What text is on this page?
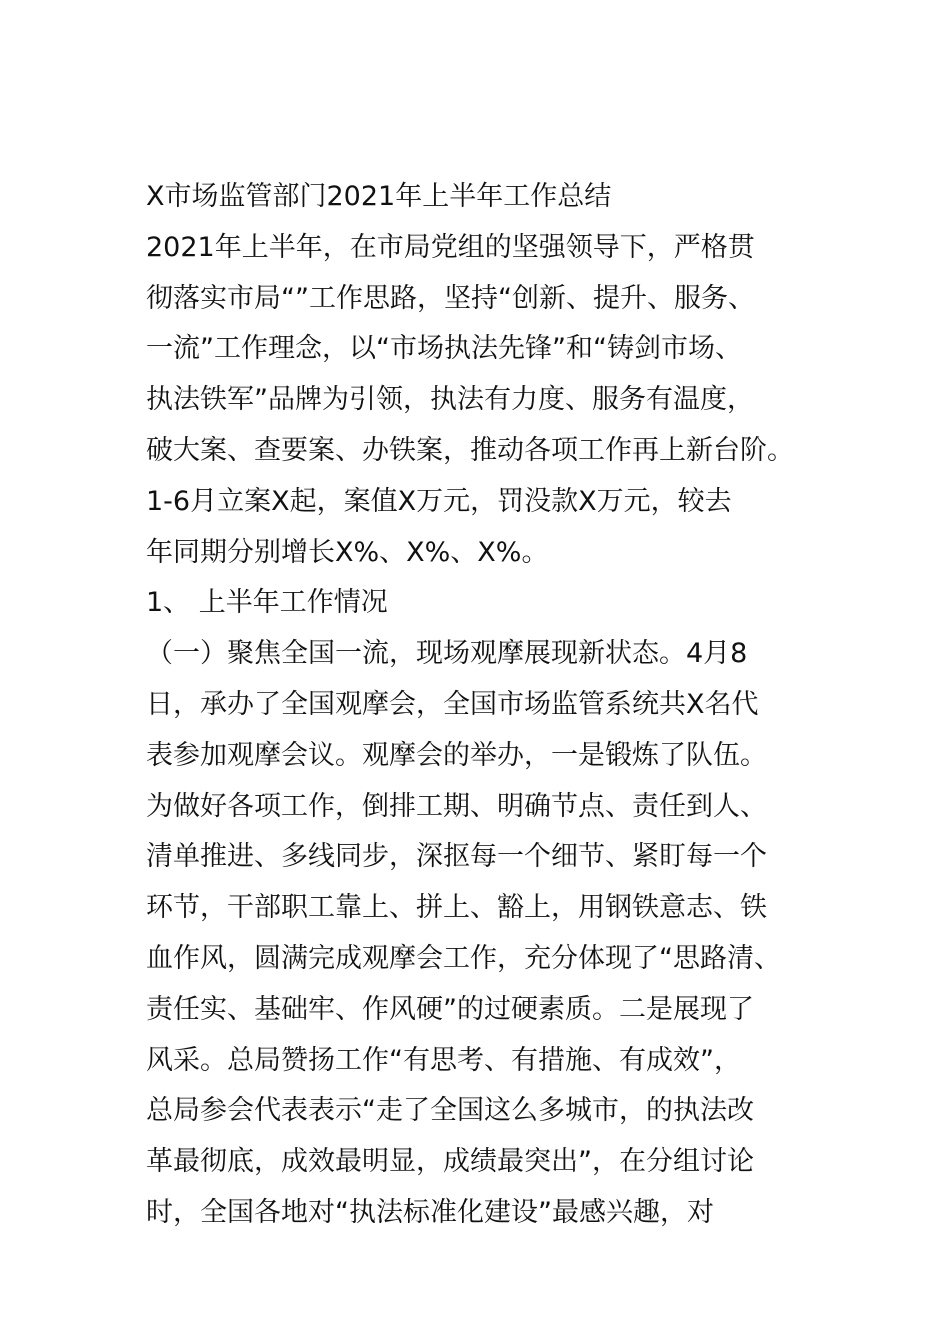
X市场监管部门2021年上半年工作总结
2021年上半年，在市局党组的坚强领导下，严格贯
彻落实市局“”工作思路，坚持“创新、提升、服务、
一流”工作理念，以“市场执法先锋”和“铸剑市场、
执法铁军”品牌为引领，执法有力度、服务有温度，
破大案、查要案、办铁案，推动各项工作再上新台阶。
1-6月立案X起，案值X万元，罚没款X万元，较去
年同期分别增长X%、X%、X%。
1、 上半年工作情况
（一）聚焦全国一流，现场观摩展现新状态。4月8
日，承办了全国观摩会，全国市场监管系统共X名代
表参加观摩会议。观摩会的举办，一是锻炼了队伍。
为做好各项工作，倒排工期、明确节点、责任到人、
清单推进、多线同步，深抠每一个细节、紧盯每一个
环节，干部职工靠上、拼上、豁上，用钢铁意志、铁
血作风，圆满完成观摩会工作，充分体现了“思路清、
责任实、基础牢、作风硬”的过硬素质。二是展现了
风采。总局赞扬工作“有思考、有措施、有成效”，
总局参会代表表示“走了全国这么多城市，的执法改
革最彻底，成效最明显，成绩最突出”，在分组讨论
时，全国各地对“执法标准化建设”最感兴趣，对
